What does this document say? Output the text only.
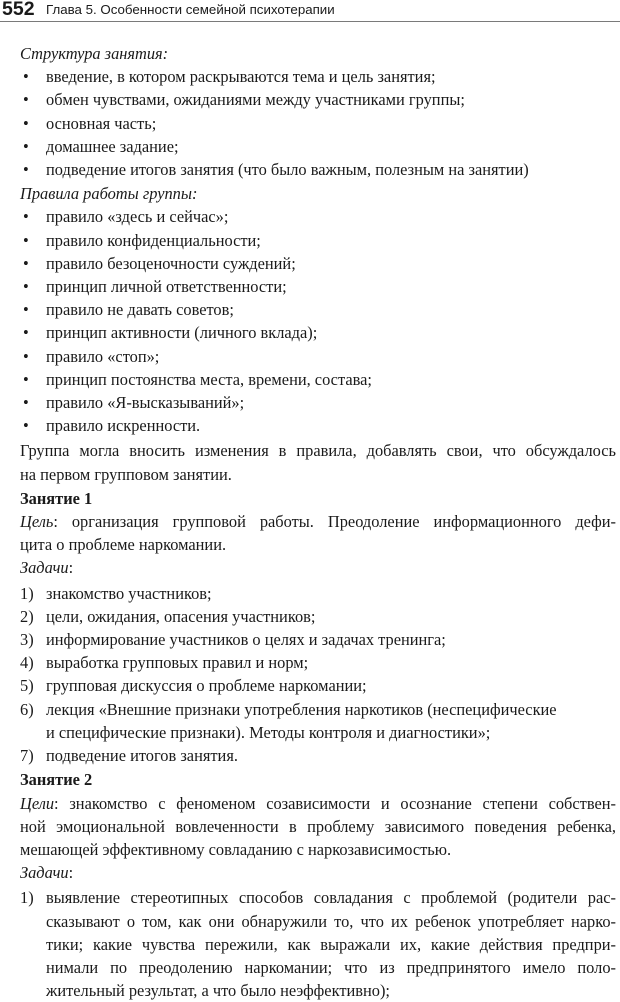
552 Глава 5. Особенности семейной психотерапии
Структура занятия:
• введение, в котором раскрываются тема и цель занятия;
• обмен чувствами, ожиданиями между участниками группы;
• основная часть;
• домашнее задание;
• подведение итогов занятия (что было важным, полезным на занятии)
Правила работы группы:
• правило «здесь и сейчас»;
• правило конфиденциальности;
• правило безоценочности суждений;
• принцип личной ответственности;
• правило не давать советов;
• принцип активности (личного вклада);
• правило «стоп»;
• принцип постоянства места, времени, состава;
• правило «Я-высказываний»;
• правило искренности.
Группа могла вносить изменения в правила, добавлять свои, что обсуждалось
на первом групповом занятии.
Занятие 1
Цель: организация групповой работы. Преодоление информационного дефи-
цита о проблеме наркомании.
Задачи:
1) знакомство участников;
2) цели, ожидания, опасения участников;
3) информирование участников о целях и задачах тренинга;
4) выработка групповых правил и норм;
5) групповая дискуссия о проблеме наркомании;
6) лекция «Внешние признаки употребления наркотиков (неспецифические
и специфические признаки). Методы контроля и диагностики»;
7) подведение итогов занятия.
Занятие 2
Цели: знакомство с феноменом созависимости и осознание степени собствен-
ной эмоциональной вовлеченности в проблему зависимого поведения ребенка,
мешающей эффективному совладанию с наркозависимостью.
Задачи:
1) выявление стереотипных способов совладания с проблемой (родители рас-
сказывают о том, как они обнаружили то, что их ребенок употребляет нарко-
тики; какие чувства пережили, как выражали их, какие действия предпри-
нимали по преодолению наркомании; что из предпринятого имело поло-
жительный результат, а что было неэффективно);
